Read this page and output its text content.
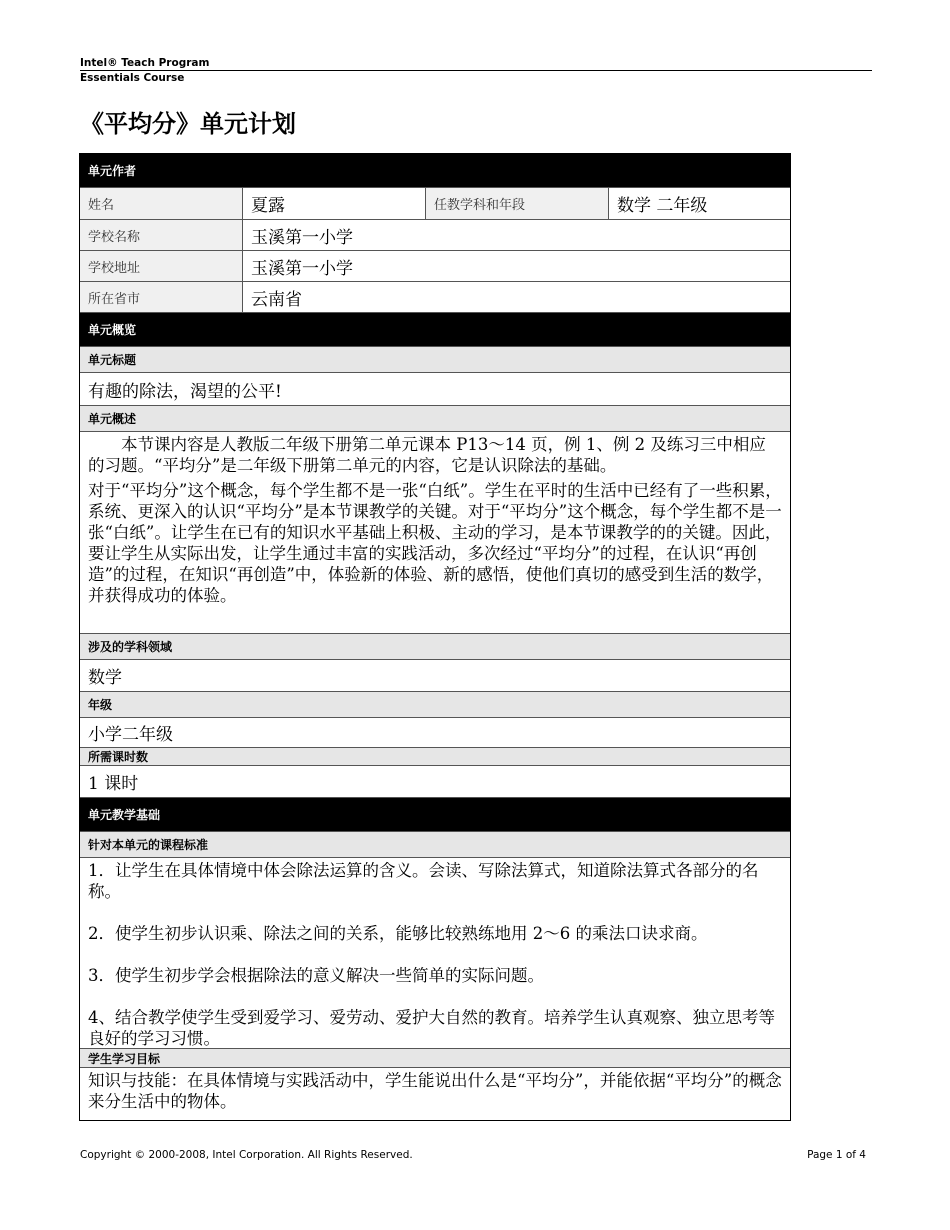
Intel® Teach Program
Essentials Course
《平均分》单元计划
单元作者
姓名	夏露	任教学科和年段	数学 二年级
学校名称	玉溪第一小学
学校地址	玉溪第一小学
所在省市	云南省
单元概览
单元标题
有趣的除法，渴望的公平!
单元概述

本节课内容是人教版二年级下册第二单元课本 P13～14 页，例 1、例 2 及练习三中相应的习题。“平均分”是二年级下册第二单元的内容，它是认识除法的基础。

对于“平均分”这个概念，每个学生都不是一张“白纸”。学生在平时的生活中已经有了一些积累，系统、更深入的认识“平均分”是本节课教学的关键。对于“平均分”这个概念，每个学生都不是一张“白纸”。让学生在已有的知识水平基础上积极、主动的学习，是本节课教学的的关键。因此，要让学生从实际出发，让学生通过丰富的实践活动，多次经过“平均分”的过程，在认识“再创造”的过程，在知识“再创造”中，体验新的体验、新的感悟，使他们真切的感受到生活的数学，并获得成功的体验。

涉及的学科领域
数学
年级
小学二年级
所需课时数
1 课时
单元教学基础
针对本单元的课程标准

1．让学生在具体情境中体会除法运算的含义。会读、写除法算式，知道除法算式各部分的名称。

2．使学生初步认识乘、除法之间的关系，能够比较熟练地用 2～6 的乘法口诀求商。

3．使学生初步学会根据除法的意义解决一些简单的实际问题。

4、结合教学使学生受到爱学习、爱劳动、爱护大自然的教育。培养学生认真观察、独立思考等良好的学习习惯。

学生学习目标
知识与技能：在具体情境与实践活动中，学生能说出什么是“平均分”，并能依据“平均分”的概念来分生活中的物体。
Copyright © 2000-2008, Intel Corporation. All Rights Reserved.	Page 1 of 4
